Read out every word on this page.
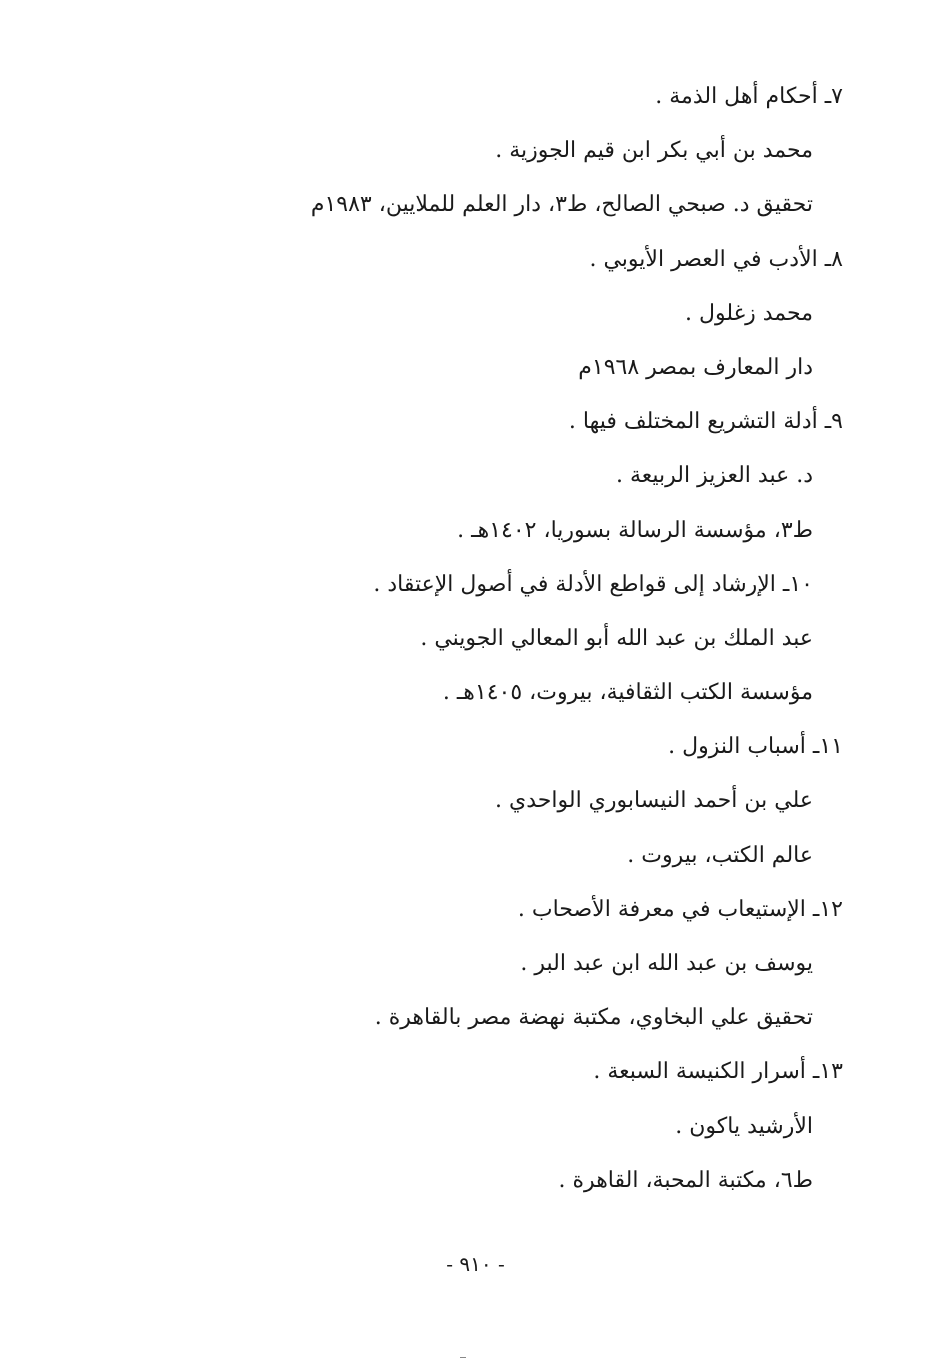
٧ـ أحكام أهل الذمة .
محمد بن أبي بكر ابن قيم الجوزية .
تحقيق د. صبحي الصالح، ط٣، دار العلم للملايين، ١٩٨٣م
٨ـ الأدب في العصر الأيوبي .
محمد زغلول .
دار المعارف بمصر ١٩٦٨م
٩ـ أدلة التشريع المختلف فيها .
د. عبد العزيز الربيعة .
ط٣، مؤسسة الرسالة بسوريا، ١٤٠٢هـ .
١٠ـ الإرشاد إلى قواطع الأدلة في أصول الإعتقاد .
عبد الملك بن عبد الله أبو المعالي الجويني .
مؤسسة الكتب الثقافية، بيروت، ١٤٠٥هـ .
١١ـ أسباب النزول .
علي بن أحمد النيسابوري الواحدي .
عالم الكتب، بيروت .
١٢ـ الإستيعاب في معرفة الأصحاب .
يوسف بن عبد الله ابن عبد البر .
تحقيق علي البخاوي، مكتبة نهضة مصر بالقاهرة .
١٣ـ أسرار الكنيسة السبعة .
الأرشيد ياكون .
ط٦، مكتبة المحبة، القاهرة .
- ٩١٠ -
